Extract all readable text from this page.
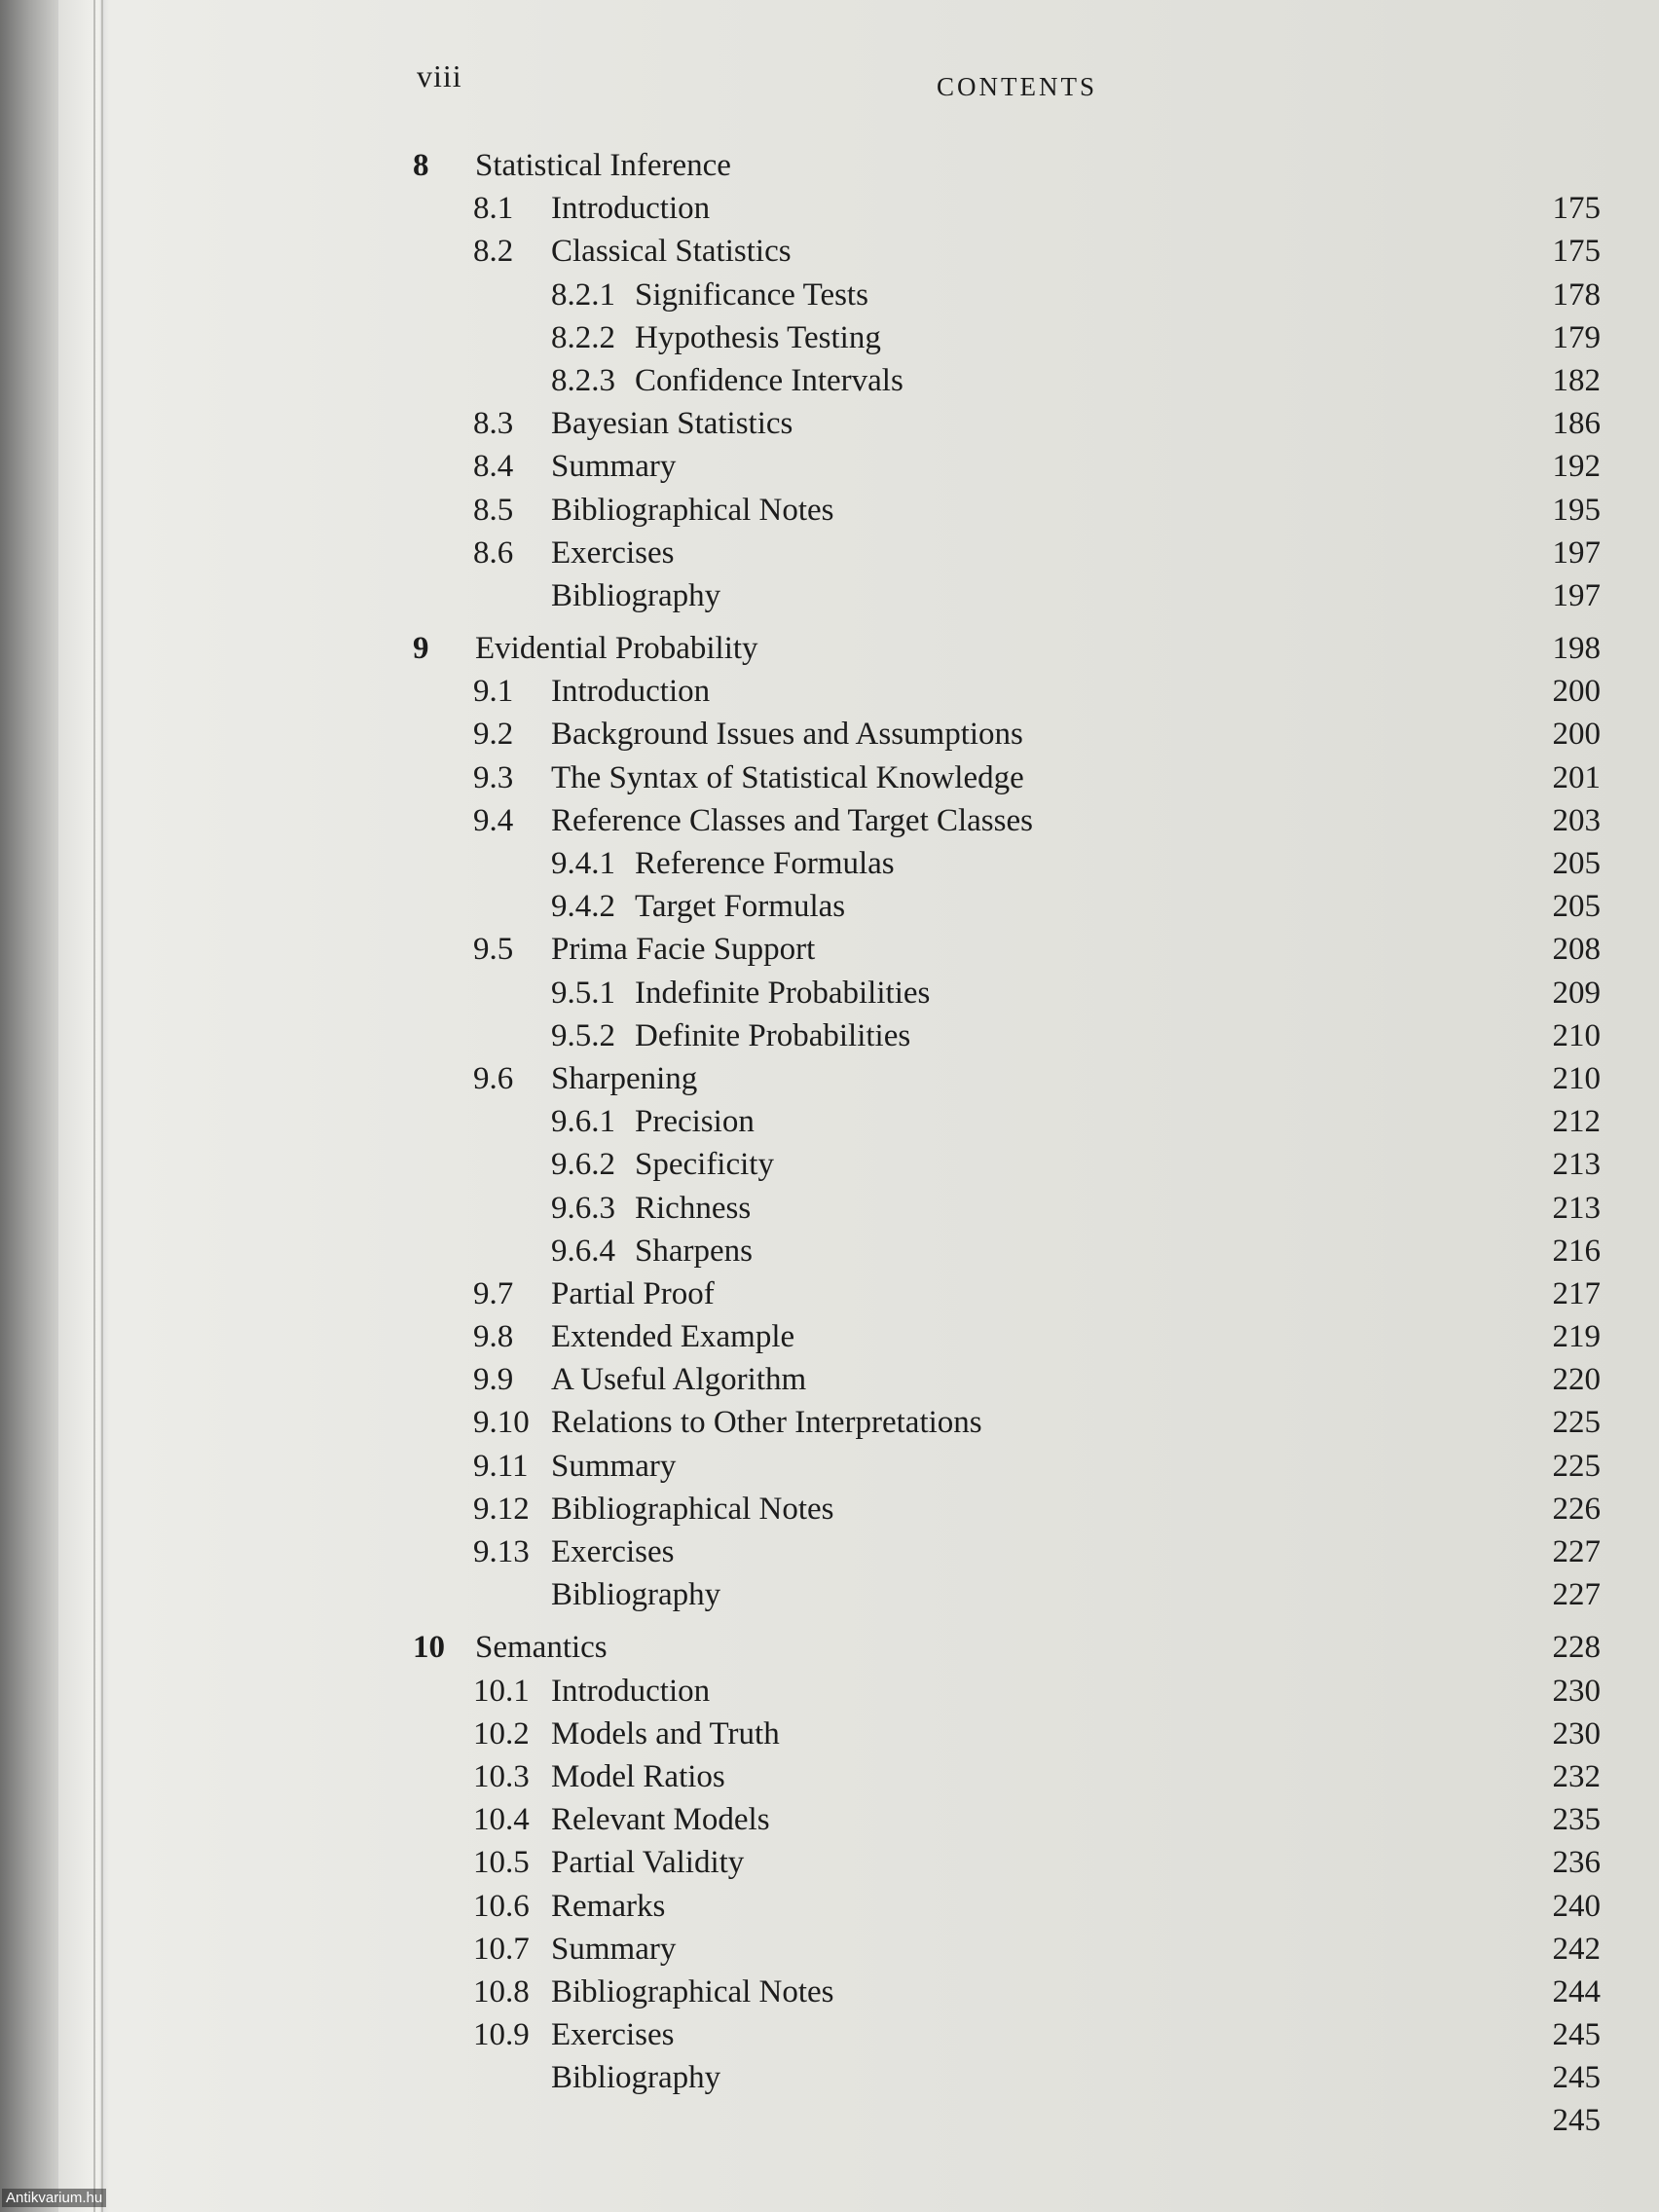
viii	CONTENTS
8 Statistical Inference
8.1 Introduction	175
8.2 Classical Statistics	175
8.2.1 Significance Tests	178
8.2.2 Hypothesis Testing	179
8.2.3 Confidence Intervals	182
8.3 Bayesian Statistics	186
8.4 Summary	192
8.5 Bibliographical Notes	195
8.6 Exercises	197
Bibliography	197
9 Evidential Probability	198
9.1 Introduction	200
9.2 Background Issues and Assumptions	200
9.3 The Syntax of Statistical Knowledge	201
9.4 Reference Classes and Target Classes	203
9.4.1 Reference Formulas	205
9.4.2 Target Formulas	205
9.5 Prima Facie Support	208
9.5.1 Indefinite Probabilities	209
9.5.2 Definite Probabilities	210
9.6 Sharpening	210
9.6.1 Precision	212
9.6.2 Specificity	213
9.6.3 Richness	213
9.6.4 Sharpens	216
9.7 Partial Proof	217
9.8 Extended Example	219
9.9 A Useful Algorithm	220
9.10 Relations to Other Interpretations	225
9.11 Summary	225
9.12 Bibliographical Notes	226
9.13 Exercises	227
Bibliography	227
10 Semantics	228
10.1 Introduction	230
10.2 Models and Truth	230
10.3 Model Ratios	232
10.4 Relevant Models	235
10.5 Partial Validity	236
10.6 Remarks	240
10.7 Summary	242
10.8 Bibliographical Notes	244
10.9 Exercises	245
Bibliography	245
245
Antikvarium.hu
